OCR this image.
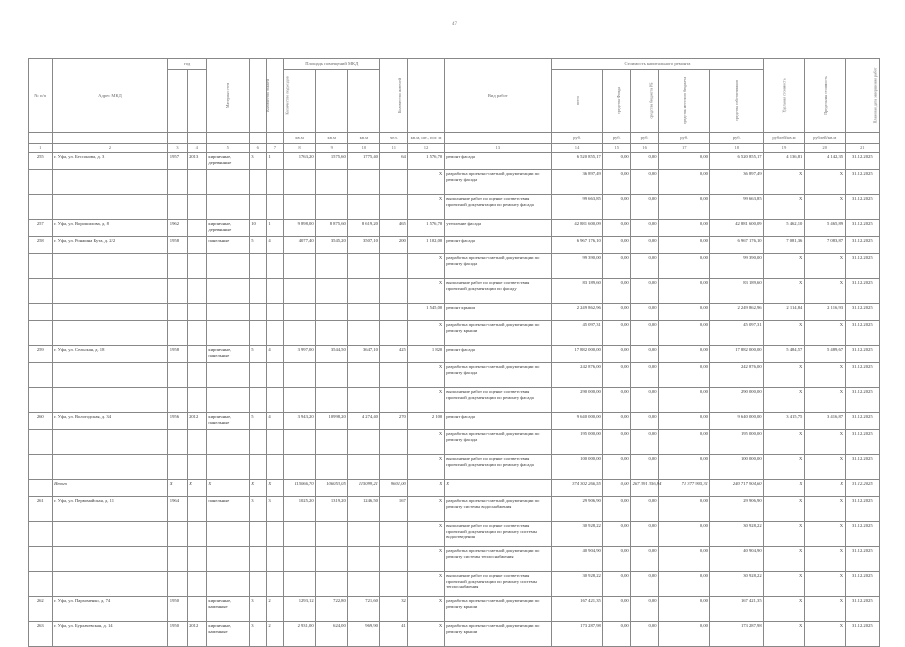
47
№ п/п	Адрес МКД	год		Материал стен	Количество этажей	Количество подъездов	Площадь помещений МКД			Количество жителей		Вид работ	Стоимость капитального ремонта					Удельная стоимость	Предельная стоимость	Плановая дата завершения работ
													всего	средства Фонда	средства бюджета РБ	средства местного бюджета	средства собственников			
							кв.м	кв.м	кв.м	чел.	кв.м, шт., пог. м		руб.	руб.	руб.	руб.	руб.	рублей/кв.м	рублей/кв.м	
1	2	3	4	5	6	7	8	9	10	11	12	13	14	15	16	17	18	19	20	21
255	г. Уфа, ул. Бессонова, д. 3	1957	2013	кирпичные, деревянные	3	1	1763,20	1575,60	1775,40	64	1 576,70	ремонт фасада	6 520 855,17	0,00	0,00	0,00	6 520 855,17	4 136,81	4 142,35	31.12.2025
											Х	разработка проектно-сметной документации по ремонту фасада	36 897,49	0,00	0,00	0,00	36 897,49	Х	Х	31.12.2025
											Х	выполнение работ по оценке соответствия проектной документации по ремонту фасада	99 663,85	0,00	0,00	0,00	99 663,85	Х	Х	31.12.2025
257	г. Уфа, ул. Ворошилова, д. 8	1962		кирпичные, деревянные	10	1	9 898,00	8 875,60	8 619,20	465	1 576,70	утепление фасада	42 881 600,09	0,00	0,00	0,00	42 881 600,09	5 462,10	5 465,89	31.12.2025
258	г. Уфа, ул. Ронжина Бута, д. 2/2	1958		панельные	5	4	4077,40	3545,20	3507,10	200	1 102,00	ремонт фасада	6 967 176,10	0,00	0,00	0,00	6 967 176,10	7 081,36	7 083,87	31.12.2025
											Х	разработка проектно-сметной документации по ремонту фасада	99 390,00	0,00	0,00	0,00	99 390,00	Х	Х	31.12.2025
											Х	выполнение работ по оценке соответствия проектной документации по фасаду	83 189,60	0,00	0,00	0,00	83 189,60	Х	Х	31.12.2025
											1 545,00	ремонт крыши	2 249 862,96	0,00	0,00	0,00	2 249 862,96	2 114,84	2 116,93	31.12.2025
											Х	разработка проектно-сметной документации по ремонту крыши	45 097,31	0,00	0,00	0,00	45 097,31	Х	Х	31.12.2025
259	г. Уфа, ул. Сельская, д. 18	1958		кирпичные, панельные	5	4	3 997,00	3544,50	3647,10	425	1 820	ремонт фасада	17 882 000,00	0,00	0,00	0,00	17 882 000,00	5 484,57	5 489,67	31.12.2025
											Х	разработка проектно-сметной документации по ремонту фасада	242 876,00	0,00	0,00	0,00	242 876,00	Х	Х	31.12.2025
											Х	выполнение работ по оценке соответствия проектной документации по ремонту фасада	290 000,00	0,00	0,00	0,00	290 000,00	Х	Х	31.12.2025
260	г. Уфа, ул. Вологодская, д. 34	1956	2012	кирпичные, панельные	5	4	3 943,20	10998,20	4 274,40	270	2 100	ремонт фасада	9 640 000,00	0,00	0,00	0,00	9 640 000,00	3 415,75	3 416,87	31.12.2025
											Х	разработка проектно-сметной документации по ремонту фасада	195 000,00	0,00	0,00	0,00	195 000,00	Х	Х	31.12.2025
											Х	выполнение работ по оценке соответствия проектной документации по ремонту фасада	100 000,00	0,00	0,00	0,00	100 000,00	Х	Х	31.12.2025
	Итого	Х	Х	Х	Х	Х	115066,70	106053,05	115099,21	9601,00	Х	Х	374 302 266,55	0,00	267 391 356,94	71 377 905,31	240 717 904,60	Х	Х	31.12.2025
261	г. Уфа, ул. Первомайская, д. 11	1964		панельные	3	3	1025,20	1319,20	1246,50	167	Х	разработка проектно-сметной документации по ремонту системы водоснабжения	29 906,90	0,00	0,00	0,00	29 906,90	Х	Х	31.12.2025
											Х	выполнение работ по оценке соответствия проектной документации по ремонту системы водоотведения	30 928,22	0,00	0,00	0,00	30 928,22	Х	Х	31.12.2025
											Х	разработка проектно-сметной документации по ремонту системы теплоснабжения	40 904,90	0,00	0,00	0,00	40 904,90	Х	Х	31.12.2025
											Х	выполнение работ по оценке соответствия проектной документации по ремонту системы теплоснабжения	30 928,22	0,00	0,00	0,00	30 928,22	Х	Х	31.12.2025
262	г. Уфа, ул. Пархоменко, д. 74	1950		кирпичные, каменные	3	2	1293,12	722,80	721,60	32	Х	разработка проектно-сметной документации по ремонту крыши	167 421,35	0,00	0,00	0,00	167 421,35	Х	Х	31.12.2025
263	г. Уфа, ул. Бурлачевская, д. 14	1950	2012	кирпичные, каменные	3	2	2 931,00	624,00	969,90	41	Х	разработка проектно-сметной документации по ремонту крыши	173 287,98	0,00	0,00	0,00	173 287,98	Х	Х	31.12.2025
